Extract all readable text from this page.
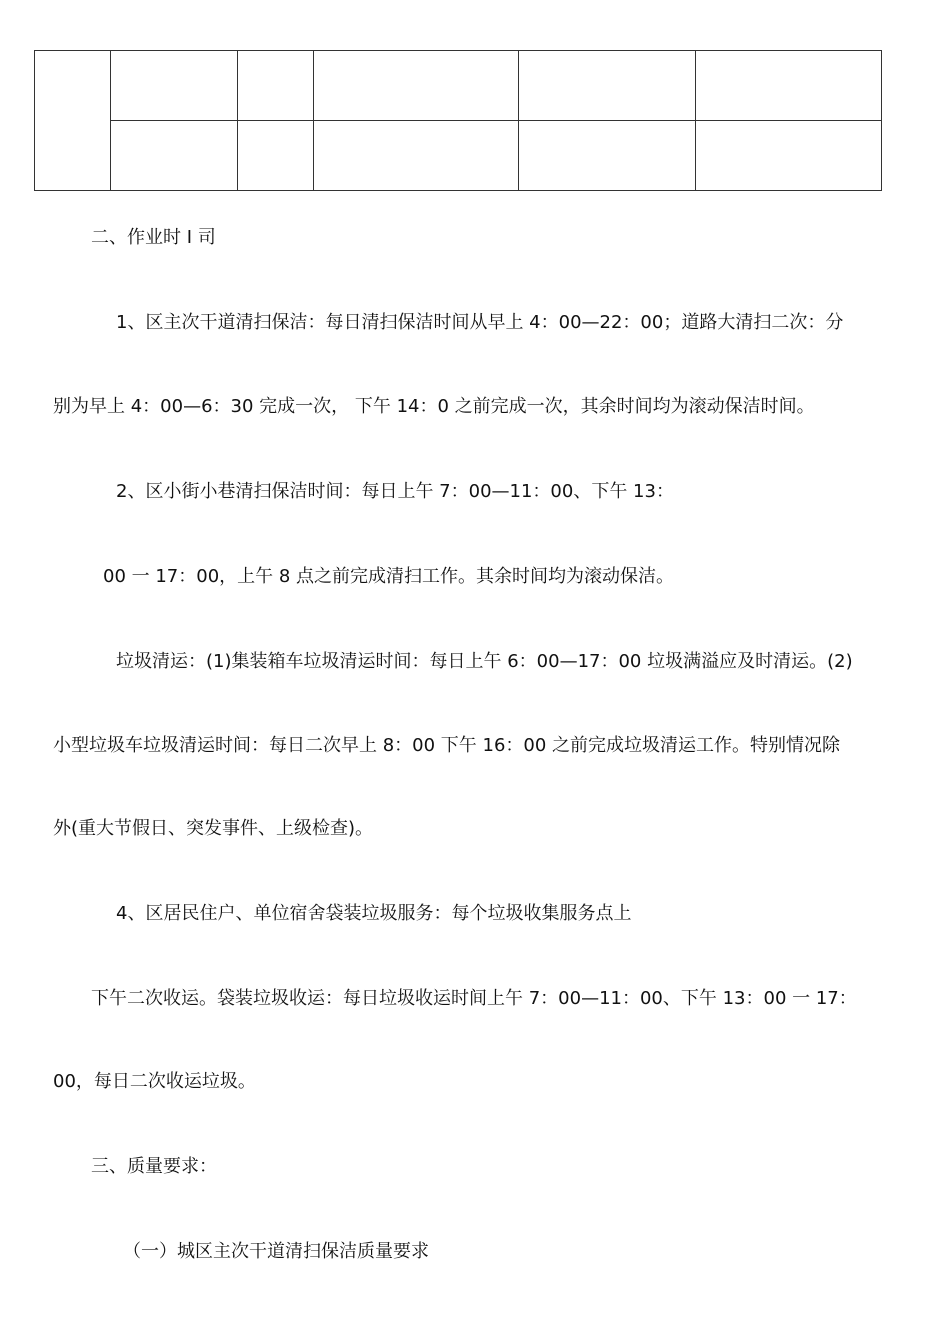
二、作业时 I 司

1、区主次干道清扫保洁：每日清扫保洁时间从早上 4：00—22：00；道路大清扫二次：分

别为早上 4：00—6：30 完成一次， 下午 14：0 之前完成一次，其余时间均为滚动保洁时间。

2、区小街小巷清扫保洁时间：每日上午 7：00—11：00、下午 13：

00 一 17：00，上午 8 点之前完成清扫工作。其余时间均为滚动保洁。

垃圾清运：(1)集装箱车垃圾清运时间：每日上午 6：00—17：00 垃圾满溢应及时清运。(2)

小型垃圾车垃圾清运时间：每日二次早上 8：00 下午 16：00 之前完成垃圾清运工作。特别情况除

外(重大节假日、突发事件、上级检查)。

4、区居民住户、单位宿舍袋装垃圾服务：每个垃圾收集服务点上

下午二次收运。袋装垃圾收运：每日垃圾收运时间上午 7：00—11：00、下午 13：00 一 17：

00，每日二次收运垃圾。

三、质量要求：

（一）城区主次干道清扫保洁质量要求
